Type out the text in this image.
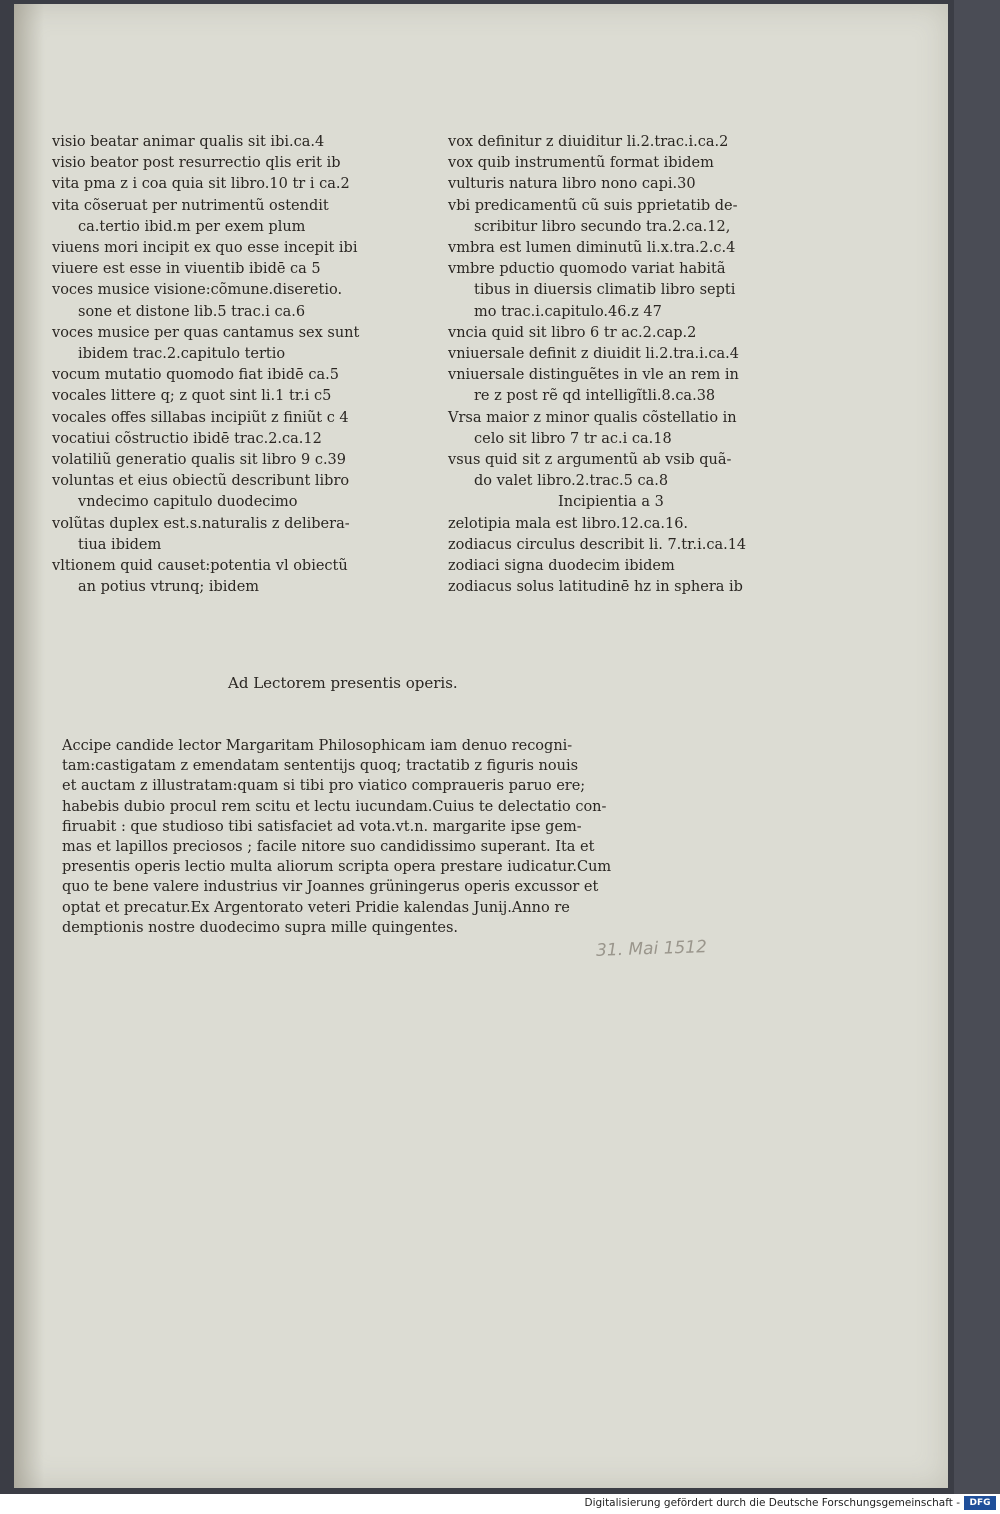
visio beatar animar qualis sit ibi.ca.4
visio beator post resurrectio qlis erit ib
vita pma z i coa quia sit libro.10 tr i ca.2
vita cõseruat per nutrimentũ ostendit
ca.tertio ibid.m per exem plum
viuens mori incipit ex quo esse incepit ibi
viuere est esse in viuentib ibidē ca 5
voces musice visione:cõmune.diseretio.
sone et distone lib.5 trac.i ca.6
voces musice per quas cantamus sex sunt
ibidem trac.2.capitulo tertio
vocum mutatio quomodo fiat ibidē ca.5
vocales littere q; z quot sint li.1 tr.i c5
vocales offes sillabas incipiũt z finiũt c 4
vocatiui cõstructio ibidē trac.2.ca.12
volatiliũ generatio qualis sit libro 9 c.39
voluntas et eius obiectũ describunt libro
vndecimo capitulo duodecimo
volũtas duplex est.s.naturalis z delibera-
tiua ibidem
vltionem quid causet:potentia vl obiectũ
an potius vtrunq; ibidem
vox definitur z diuiditur li.2.trac.i.ca.2
vox quib instrumentũ format ibidem
vulturis natura libro nono capi.30
vbi predicamentũ cũ suis pprietatib de-
scribitur libro secundo tra.2.ca.12,
vmbra est lumen diminutũ li.x.tra.2.c.4
vmbre pductio quomodo variat habitã
tibus in diuersis climatib libro septi
mo trac.i.capitulo.46.z 47
vncia quid sit libro 6 tr ac.2.cap.2
vniuersale definit z diuidit li.2.tra.i.ca.4
vniuersale distinguẽtes in vle an rem in
re z post rẽ qd intelligĩtli.8.ca.38
Vrsa maior z minor qualis cõstellatio in
celo sit libro 7 tr ac.i ca.18
vsus quid sit z argumentũ ab vsib quã-
do valet libro.2.trac.5 ca.8
Incipientia a 3
zelotipia mala est libro.12.ca.16.
zodiacus circulus describit li. 7.tr.i.ca.14
zodiaci signa duodecim ibidem
zodiacus solus latitudinē hz in sphera ib
Ad Lectorem presentis operis.
Accipe candide lector Margaritam Philosophicam iam denuo recogni-
tam:castigatam z emendatam sententijs quoq; tractatib z figuris nouis
et auctam z illustratam:quam si tibi pro viatico compraueris paruo ere;
habebis dubio procul rem scitu et lectu iucundam.Cuius te delectatio con-
firuabit : que studioso tibi satisfaciet ad vota.vt.n. margarite ipse gem-
mas et lapillos preciosos ; facile nitore suo candidissimo superant. Ita et
presentis operis lectio multa aliorum scripta opera prestare iudicatur.Cum
quo te bene valere industrius vir Joannes grüningerus operis excussor et
optat et precatur.Ex Argentorato veteri Pridie kalendas Junij.Anno re
demptionis nostre duodecimo supra mille quingentes.
31. Mai 1512
Digitalisierung gefördert durch die Deutsche Forschungsgemeinschaft -	DFG
